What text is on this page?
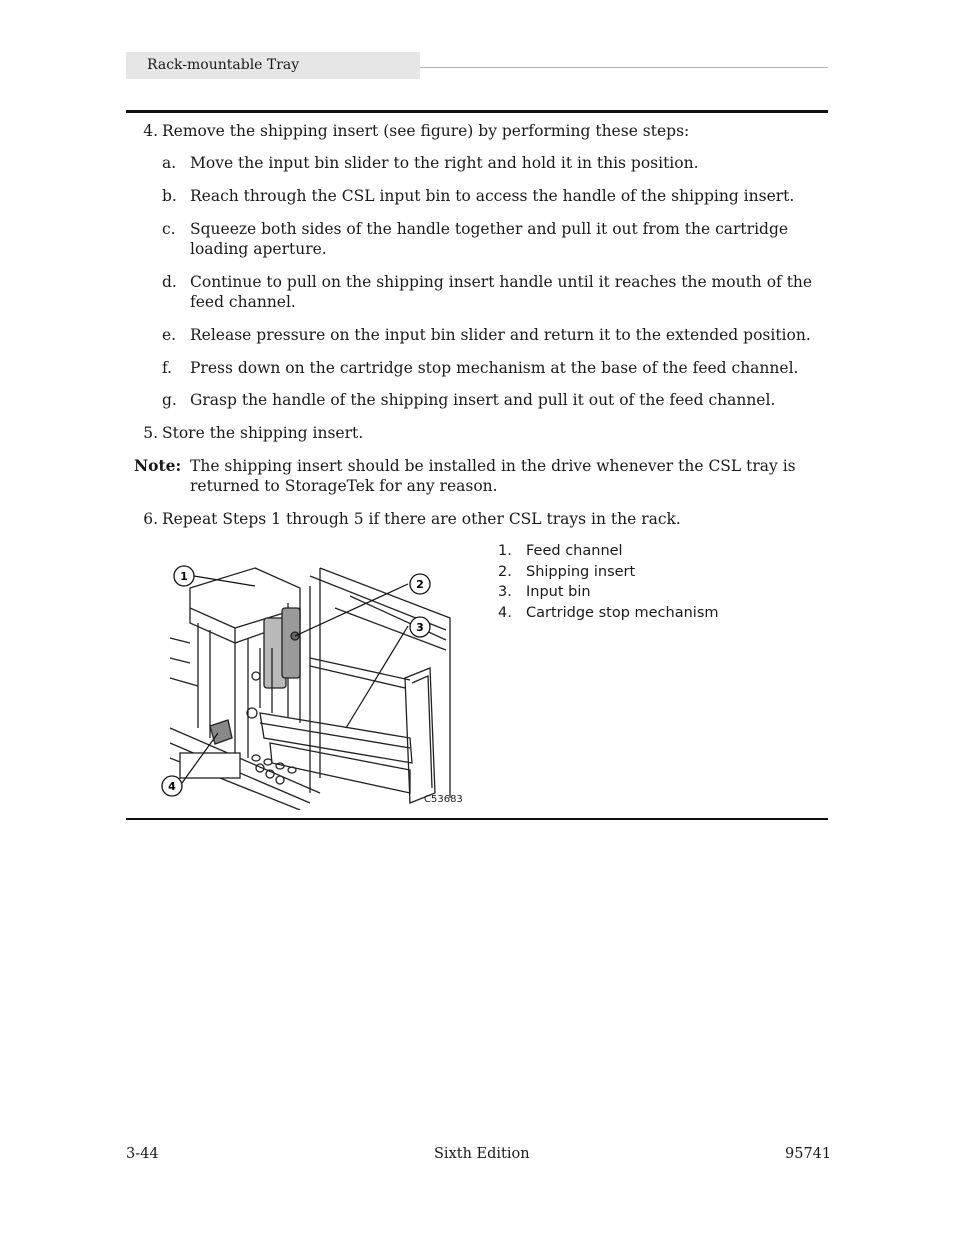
Rack-mountable Tray
4. Remove the shipping insert (see figure) by performing these steps:
a. Move the input bin slider to the right and hold it in this position.
b. Reach through the CSL input bin to access the handle of the shipping insert.
c. Squeeze both sides of the handle together and pull it out from the cartridge loading aperture.
d. Continue to pull on the shipping insert handle until it reaches the mouth of the feed channel.
e. Release pressure on the input bin slider and return it to the extended position.
f.	Press down on the cartridge stop mechanism at the base of the feed channel.
g. Grasp the handle of the shipping insert and pull it out of the feed channel.
5. Store the shipping insert.
Note: The shipping insert should be installed in the drive whenever the CSL tray is returned to StorageTek for any reason.
6. Repeat Steps 1 through 5 if there are other CSL trays in the rack.
1
2
3
4
C53683
1. Feed channel
2. Shipping insert
3. Input bin
4. Cartridge stop mechanism
3-44	Sixth Edition	95741
